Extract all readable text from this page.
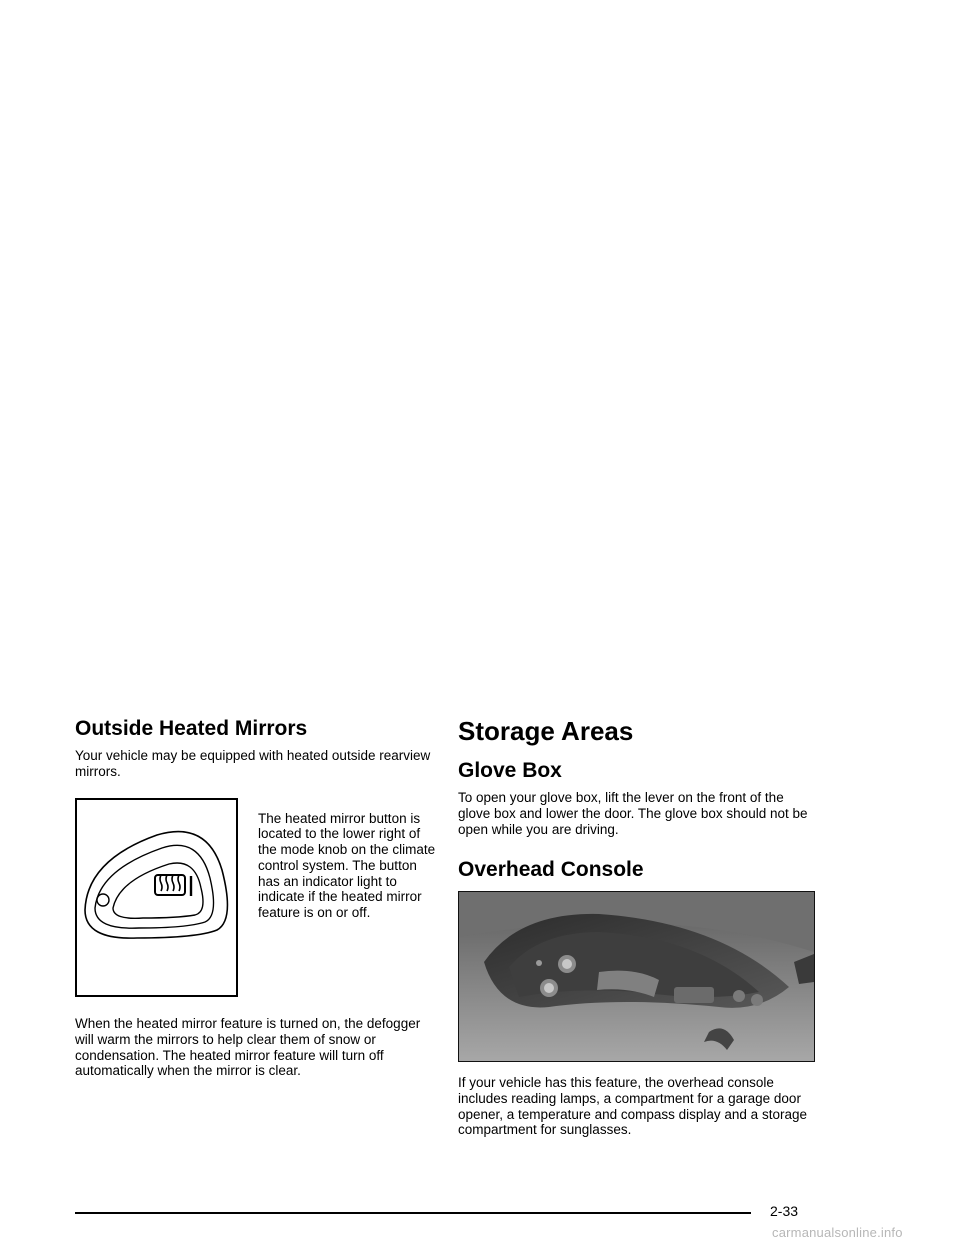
Outside Heated Mirrors

Your vehicle may be equipped with heated outside rearview mirrors.

The heated mirror button is located to the lower right of the mode knob on the climate control system. The button has an indicator light to indicate if the heated mirror feature is on or off.

When the heated mirror feature is turned on, the defogger will warm the mirrors to help clear them of snow or condensation. The heated mirror feature will turn off automatically when the mirror is clear.

Storage Areas
Glove Box

To open your glove box, lift the lever on the front of the glove box and lower the door. The glove box should not be open while you are driving.

Overhead Console

If your vehicle has this feature, the overhead console includes reading lamps, a compartment for a garage door opener, a temperature and compass display and a storage compartment for sunglasses.

2-33
carmanualsonline.info
